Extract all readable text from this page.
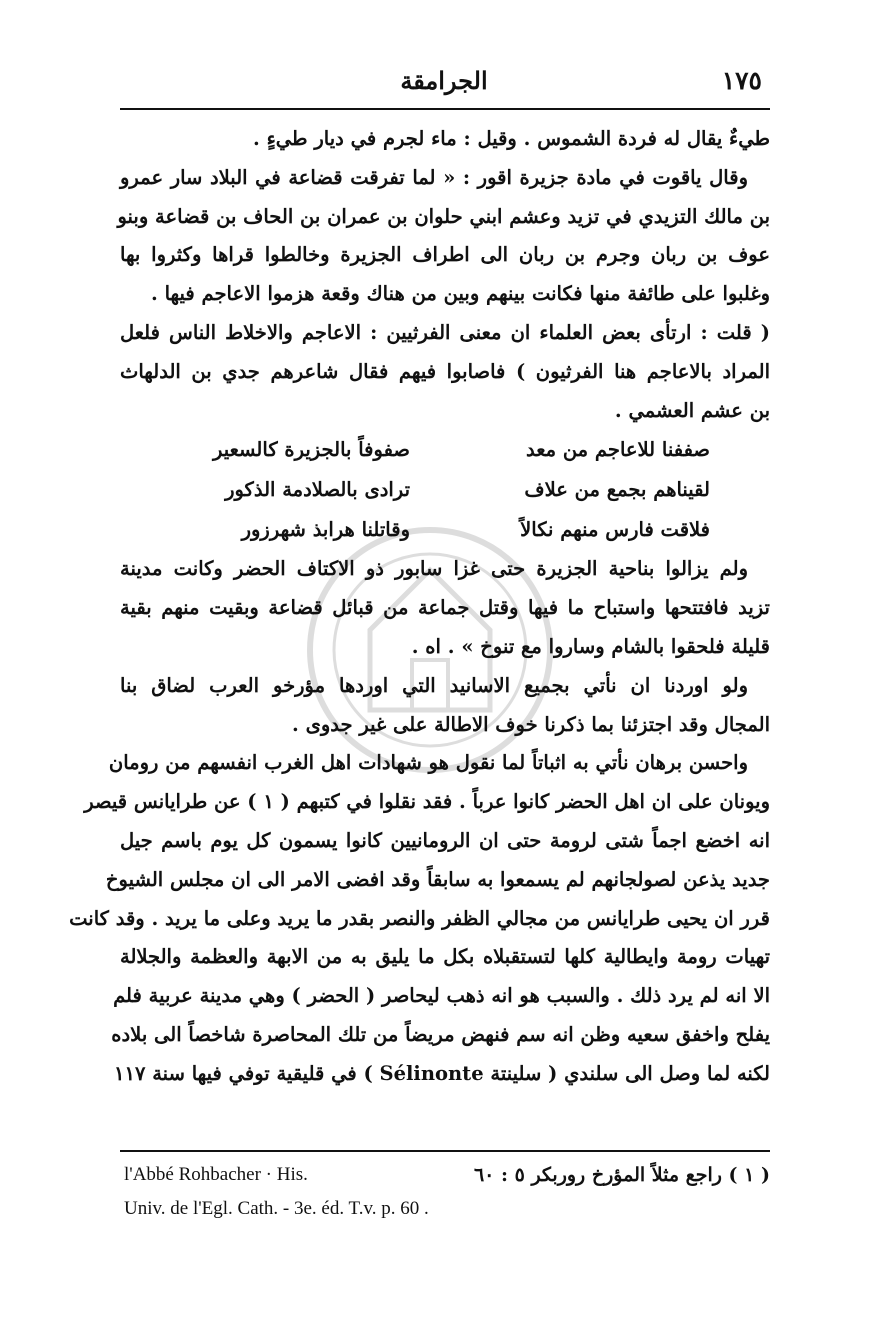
١٧٥
الجرامقة
طيءٌ يقال له فردة الشموس . وقيل : ماء لجرم في ديار طيءٍ .
وقال ياقوت في مادة جزيرة اقور : « لما تفرقت قضاعة في البلاد سار عمرو
بن مالك التزيدي في تزيد وعشم ابني حلوان بن عمران بن الحاف بن قضاعة وبنو
عوف بن ربان وجرم بن ربان الى اطراف الجزيرة وخالطوا قراها وكثروا بها
وغلبوا على طائفة منها فكانت بينهم وبين من هناك وقعة هزموا الاعاجم فيها .
( قلت : ارتأى بعض العلماء ان معنى الفرثيين : الاعاجم والاخلاط الناس فلعل
المراد بالاعاجم هنا الفرثيون ) فاصابوا فيهم فقال شاعرهم جدي بن الدلهاث
بن عشم العشمي .
صففنا للاعاجم من معد
صفوفاً بالجزيرة كالسعير
لقيناهم بجمع من علاف
ترادى بالصلادمة الذكور
فلاقت فارس منهم نكالاً
وقاتلنا هرابذ شهرزور
ولم يزالوا بناحية الجزيرة حتى غزا سابور ذو الاكتاف الحضر وكانت مدينة
تزيد فافتتحها واستباح ما فيها وقتل جماعة من قبائل قضاعة وبقيت منهم بقية
قليلة فلحقوا بالشام وساروا مع تنوخ » . اه .
ولو اوردنا ان نأتي بجميع الاسانيد التي اوردها مؤرخو العرب لضاق بنا
المجال وقد اجتزئنا بما ذكرنا خوف الاطالة على غير جدوى .
واحسن برهان نأتي به اثباتاً لما نقول هو شهادات اهل الغرب انفسهم من رومان
ويونان على ان اهل الحضر كانوا عرباً . فقد نقلوا في كتبهم ( ١ ) عن طرايانس قيصر
انه اخضع اجماً شتى لرومة حتى ان الرومانيين كانوا يسمون كل يوم باسم جيل
جديد يذعن لصولجانهم لم يسمعوا به سابقاً وقد افضى الامر الى ان مجلس الشيوخ
قرر ان يحيى طرايانس من مجالي الظفر والنصر بقدر ما يريد وعلى ما يريد . وقد كانت
تهيات رومة وايطالية كلها لتستقبلاه بكل ما يليق به من الابهة والعظمة والجلالة
الا انه لم يرد ذلك . والسبب هو انه ذهب ليحاصر ( الحضر ) وهي مدينة عربية فلم
يفلح واخفق سعيه وظن انه سم فنهض مريضاً من تلك المحاصرة شاخصاً الى بلاده
لكنه لما وصل الى سلندي ( سلينتة Sélinonte ) في قليقية توفي فيها سنة ١١٧
( ١ ) راجع مثلاً المؤرخ روربكر ٥ : ٦٠
l'Abbé Rohbacher · His.
Univ. de l'Egl. Cath. - 3e. éd. T.v. p. 60 .
